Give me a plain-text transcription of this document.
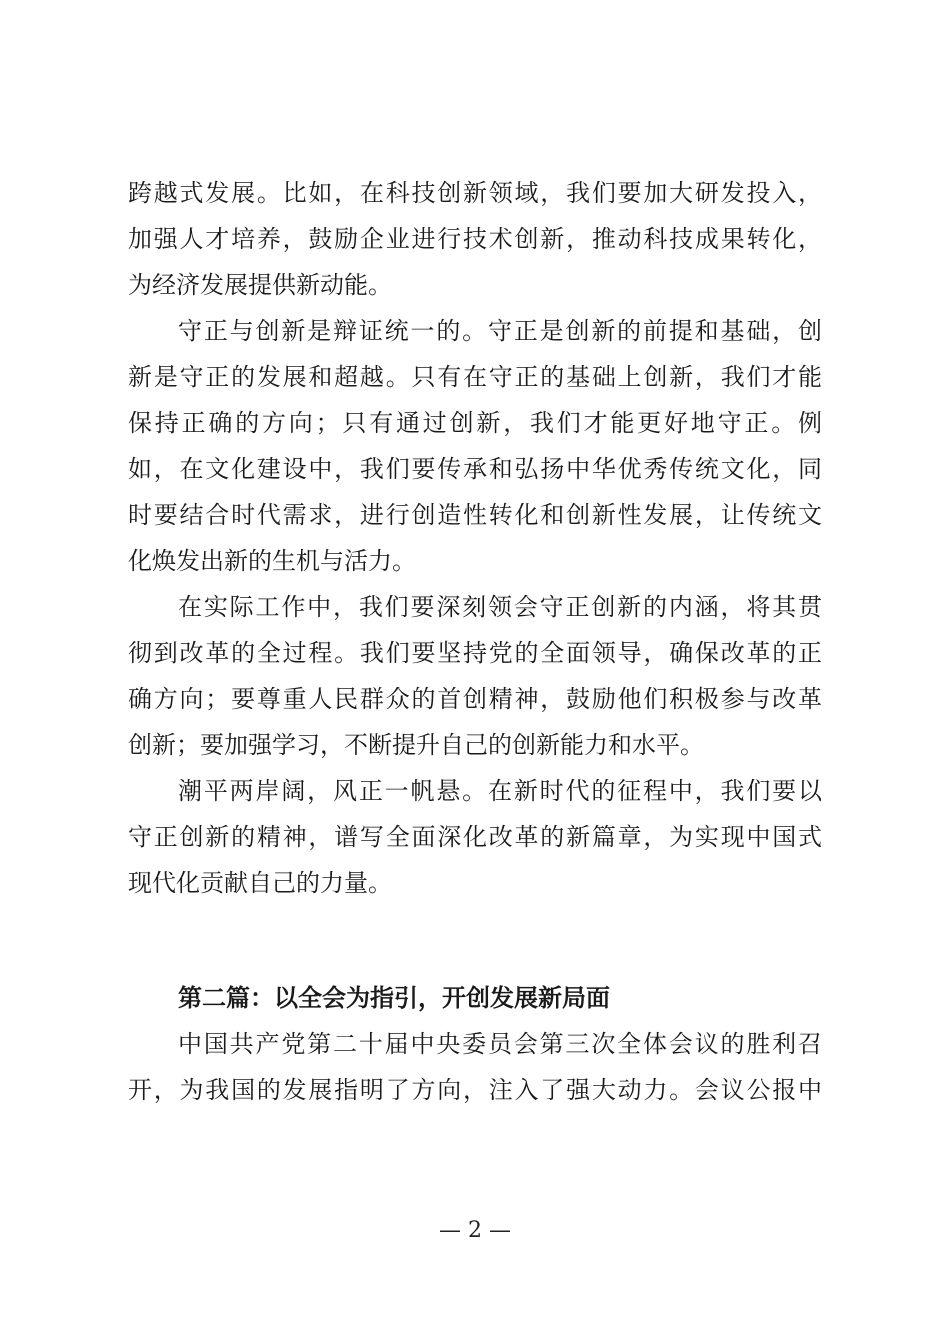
跨越式发展。比如，在科技创新领域，我们要加大研发投入，
加强人才培养，鼓励企业进行技术创新，推动科技成果转化，
为经济发展提供新动能。
守正与创新是辩证统一的。守正是创新的前提和基础，创
新是守正的发展和超越。只有在守正的基础上创新，我们才能
保持正确的方向；只有通过创新，我们才能更好地守正。例
如，在文化建设中，我们要传承和弘扬中华优秀传统文化，同
时要结合时代需求，进行创造性转化和创新性发展，让传统文
化焕发出新的生机与活力。
在实际工作中，我们要深刻领会守正创新的内涵，将其贯
彻到改革的全过程。我们要坚持党的全面领导，确保改革的正
确方向；要尊重人民群众的首创精神，鼓励他们积极参与改革
创新；要加强学习，不断提升自己的创新能力和水平。
潮平两岸阔，风正一帆悬。在新时代的征程中，我们要以
守正创新的精神，谱写全面深化改革的新篇章，为实现中国式
现代化贡献自己的力量。
第二篇：以全会为指引，开创发展新局面
中国共产党第二十届中央委员会第三次全体会议的胜利召
开，为我国的发展指明了方向，注入了强大动力。会议公报中
— 2 —
